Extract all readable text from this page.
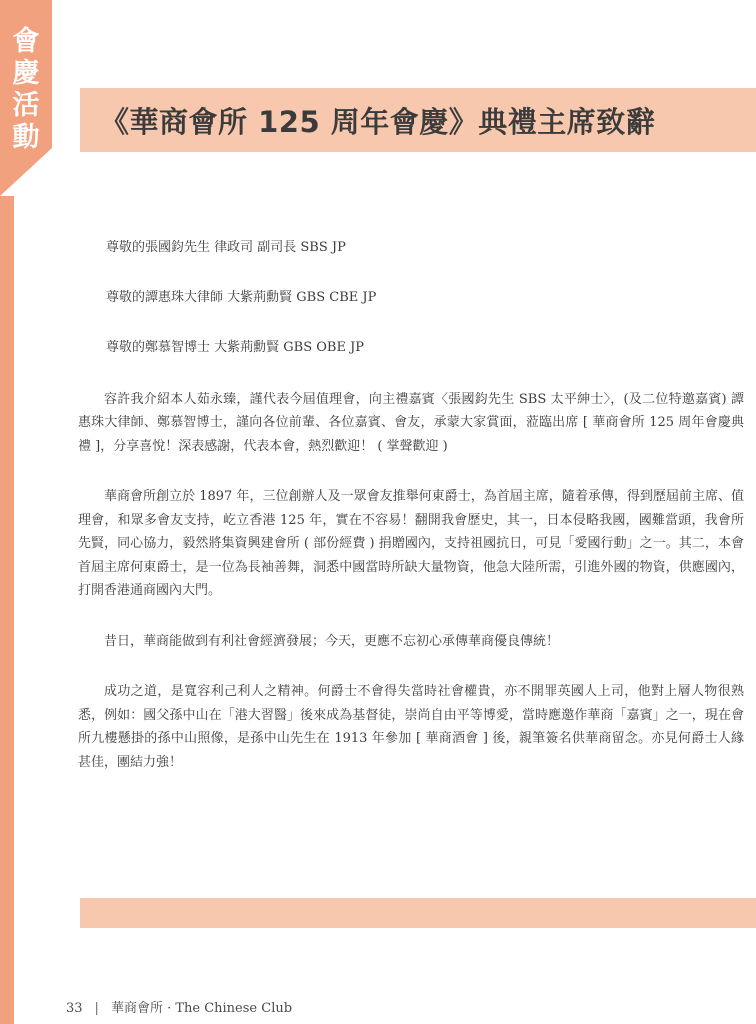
會
慶
活
動 《華商會所 125 周年會慶》典禮主席致辭
尊敬的張國鈞先生 律政司 副司長 SBS JP
尊敬的譚惠珠大律師 大紫荊勳賢 GBS CBE JP
尊敬的鄭慕智博士 大紫荊勳賢 GBS OBE JP

容許我介紹本人茹永臻，謹代表今屆值理會，向主禮嘉賓〈張國鈞先生 SBS 太平紳士〉，(及二位特邀嘉賓) 譚惠珠大律師、鄭慕智博士，謹向各位前輩、各位嘉賓、會友，承蒙大家賞面，蒞臨出席 [ 華商會所 125 周年會慶典禮 ]，分享喜悅！深表感謝，代表本會，熱烈歡迎！ ( 掌聲歡迎 )

華商會所創立於 1897 年，三位創辦人及一眾會友推舉何東爵士，為首屆主席，隨着承傳，得到歷屆前主席、值理會，和眾多會友支持，屹立香港 125 年，實在不容易！翻開我會歷史，其一，日本侵略我國，國難當頭，我會所先賢，同心協力，毅然將集資興建會所 ( 部份經費 ) 捐贈國內，支持祖國抗日，可見「愛國行動」之一。其二，本會首屆主席何東爵士，是一位為長袖善舞，洞悉中國當時所缺大量物資，他急大陸所需，引進外國的物資，供應國內，打開香港通商國內大門。

昔日，華商能做到有利社會經濟發展；今天，更應不忘初心承傳華商優良傳統！

成功之道，是寬容利己利人之精神。何爵士不會得失當時社會權貴，亦不開罪英國人上司，他對上層人物很熟悉，例如：國父孫中山在「港大習醫」後來成為基督徒，崇尚自由平等博愛，當時應邀作華商「嘉賓」之一，現在會所九樓懸掛的孫中山照像，是孫中山先生在 1913 年參加 [ 華商酒會 ] 後，親筆簽名供華商留念。亦見何爵士人緣甚佳，團結力強！

33 | 華商會所 · The Chinese Club
